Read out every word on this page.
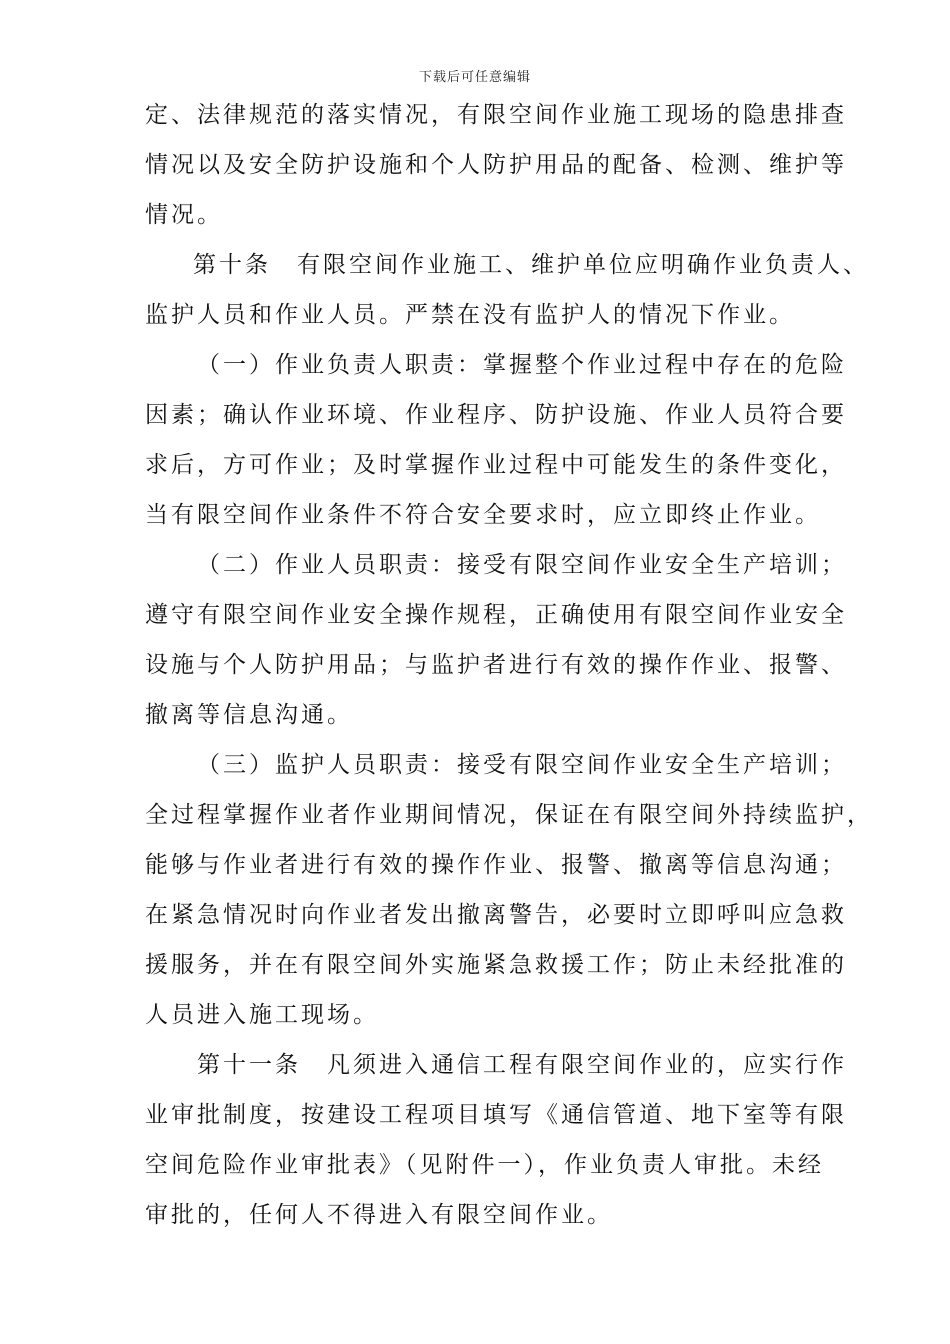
下载后可任意编辑
定、法律规范的落实情况，有限空间作业施工现场的隐患排查
情况以及安全防护设施和个人防护用品的配备、检测、维护等
情况。
第十条　有限空间作业施工、维护单位应明确作业负责人、
监护人员和作业人员。严禁在没有监护人的情况下作业。
（一）作业负责人职责：掌握整个作业过程中存在的危险
因素；确认作业环境、作业程序、防护设施、作业人员符合要
求后，方可作业；及时掌握作业过程中可能发生的条件变化，
当有限空间作业条件不符合安全要求时，应立即终止作业。
（二）作业人员职责：接受有限空间作业安全生产培训；
遵守有限空间作业安全操作规程，正确使用有限空间作业安全
设施与个人防护用品；与监护者进行有效的操作作业、报警、
撤离等信息沟通。
（三）监护人员职责：接受有限空间作业安全生产培训；
全过程掌握作业者作业期间情况，保证在有限空间外持续监护，
能够与作业者进行有效的操作作业、报警、撤离等信息沟通；
在紧急情况时向作业者发出撤离警告，必要时立即呼叫应急救
援服务，并在有限空间外实施紧急救援工作；防止未经批准的
人员进入施工现场。
第十一条　凡须进入通信工程有限空间作业的，应实行作
业审批制度，按建设工程项目填写《通信管道、地下室等有限
空间危险作业审批表》（见附件一），作业负责人审批。未经
审批的，任何人不得进入有限空间作业。
